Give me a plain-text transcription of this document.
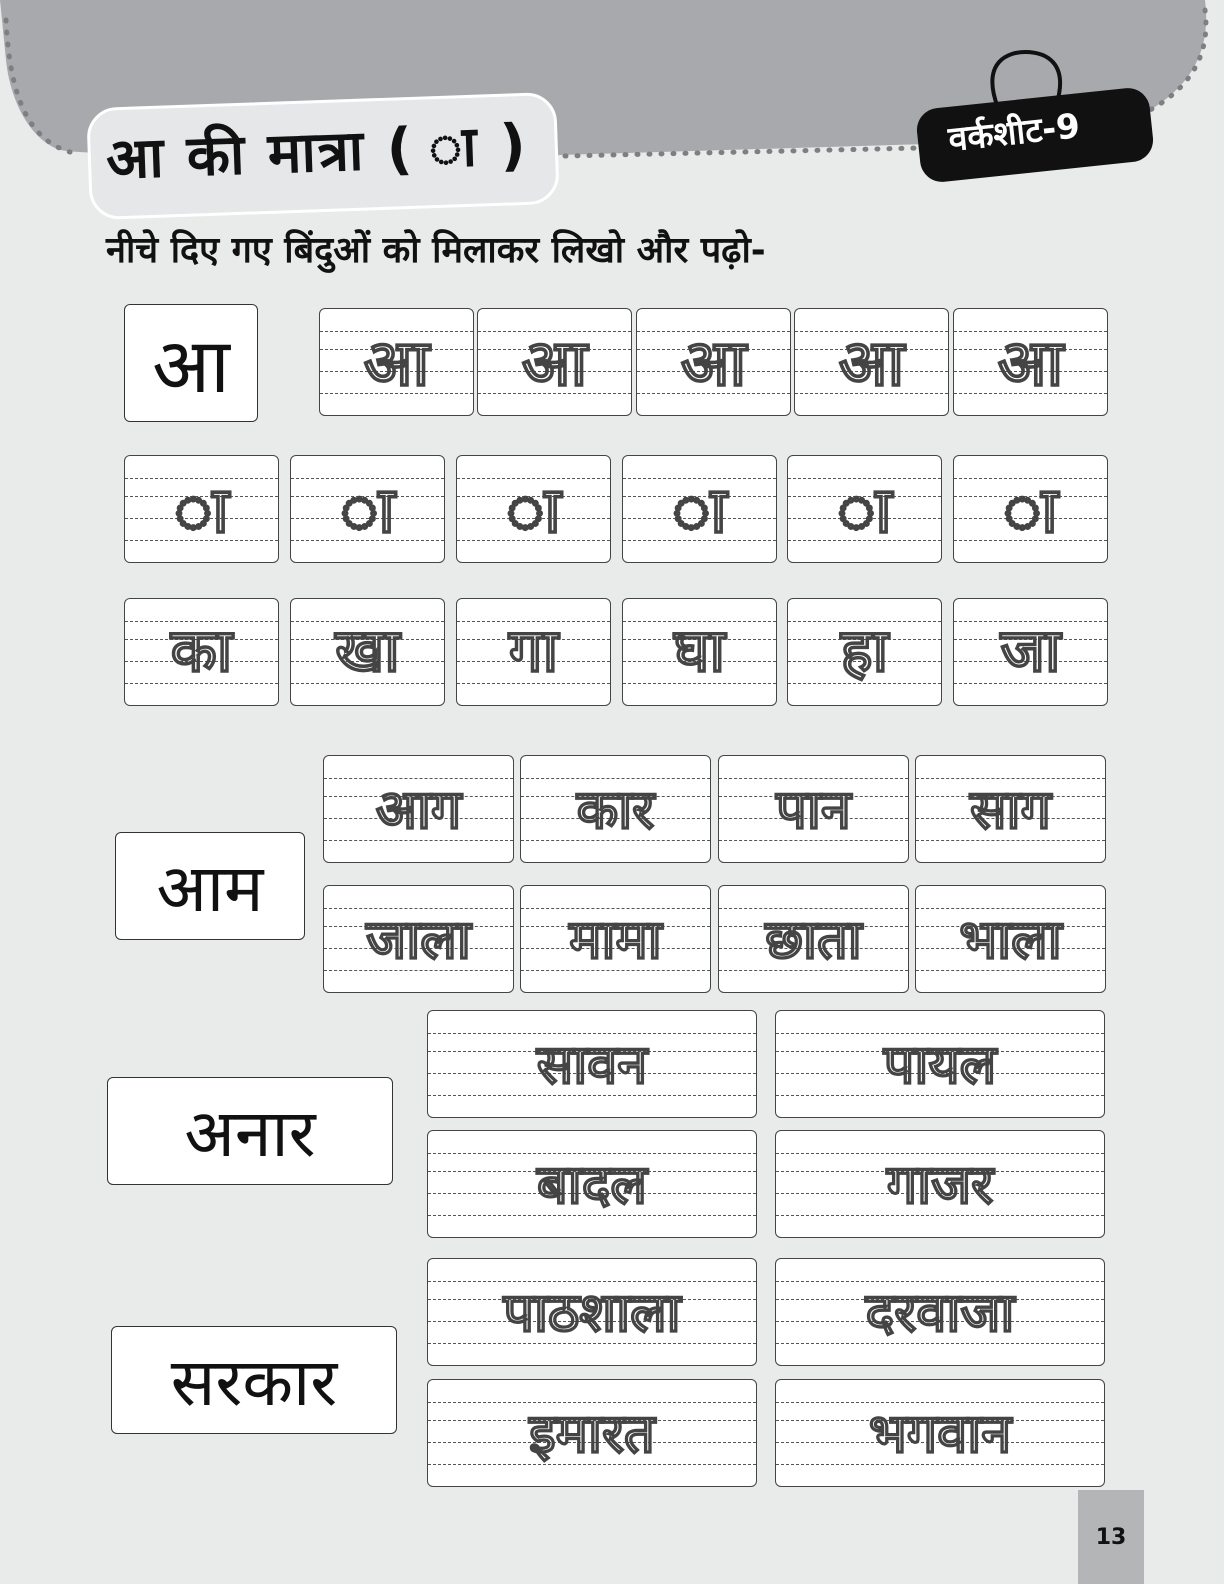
आ की मात्रा ( ा )	वर्कशीट-9
नीचे दिए गए बिंदुओं को मिलाकर लिखो और पढ़ो-
आ
आम
अनार
सरकार
आ	आ	आ	आ	आ
ा	ा	ा	ा	ा	ा
का	खा	गा	घा	हा	जा
आग	कार	पान	साग
जाला	मामा	छाता	भाला
सावन	पायल
बादल	गाजर
पाठशाला	दरवाजा
इमारत	भगवान
13
